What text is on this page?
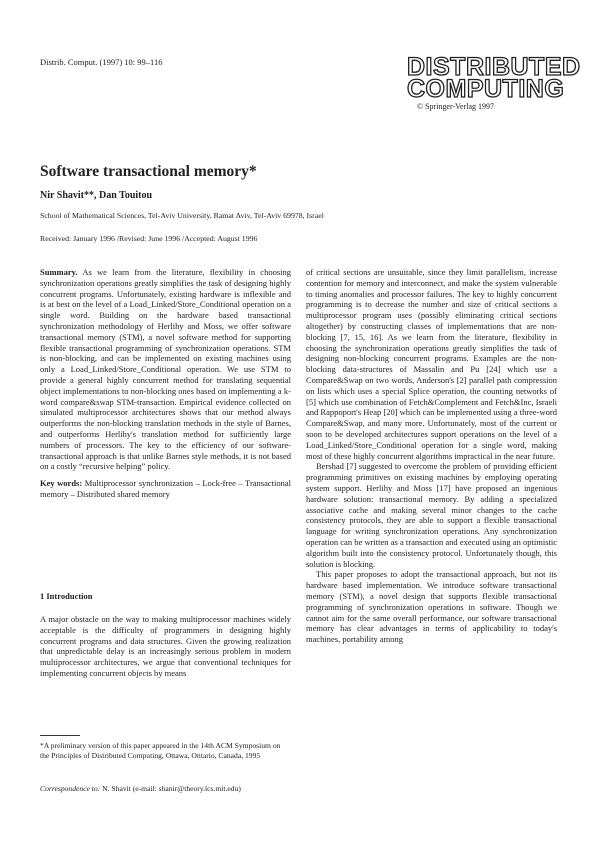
Distrib. Comput. (1997) 10: 99–116	DISTRIBUTED
COMPUTING
© Springer-Verlag 1997
Software transactional memory*
Nir Shavit**, Dan Touitou
School of Mathematical Sciences, Tel-Aviv University, Ramat Aviv, Tel-Aviv 69978, Israel
Received: January 1996 /Revised: June 1996 /Accepted: August 1996

Summary. As we learn from the literature, flexibility in choosing synchronization operations greatly simplifies the task of designing highly concurrent programs. Unfortunately, existing hardware is inflexible and is at best on the level of a Load_Linked/Store_Conditional operation on a single word. Building on the hardware based transactional synchronization methodology of Herlihy and Moss, we offer software transactional memory (STM), a novel software method for supporting flexible transactional programming of synchronization operations. STM is non-blocking, and can be implemented on existing machines using only a Load_Linked/Store_Conditional operation. We use STM to provide a general highly concurrent method for translating sequential object implementations to non-blocking ones based on implementing a k-word compare&swap STM-transaction. Empirical evidence collected on simulated multiprocessor architectures shows that our method always outperforms the non-blocking translation methods in the style of Barnes, and outperforms Herlihy's translation method for sufficiently large numbers of processors. The key to the efficiency of our software-transactional approach is that unlike Barnes style methods, it is not based on a costly “recursive helping” policy.

Key words: Multiprocessor synchronization – Lock-free – Transactional memory – Distributed shared memory

1 Introduction
A major obstacle on the way to making multiprocessor machines widely acceptable is the difficulty of programmers in designing highly concurrent programs and data structures. Given the growing realization that unpredictable delay is an increasingly serious problem in modern multiprocessor architectures, we argue that conventional techniques for implementing concurrent objects by means
*A preliminary version of this paper appeared in the 14th ACM Symposium on the Principles of Distributed Computing, Ottawa, Ontario, Canada, 1995
Correspondence to: N. Shavit (e-mail: shanir@theory.lcs.mit.edu)

of critical sections are unsuitable, since they limit parallelism, increase contention for memory and interconnect, and make the system vulnerable to timing anomalies and processor failures. The key to highly concurrent programming is to decrease the number and size of critical sections a multiprocessor program uses (possibly eliminating critical sections altogether) by constructing classes of implementations that are non-blocking [7, 15, 16]. As we learn from the literature, flexibility in choosing the synchronization operations greatly simplifies the task of designing non-blocking concurrent programs. Examples are the non-blocking data-structures of Massalin and Pu [24] which use a Compare&Swap on two words, Anderson's [2] parallel path compression on lists which uses a special Splice operation, the counting networks of [5] which use combination of Fetch&Complement and Fetch&Inc, Israeli and Rappoport's Heap [20] which can be implemented using a three-word Compare&Swap, and many more. Unfortunately, most of the current or soon to be developed architectures support operations on the level of a Load_Linked/Store_Conditional operation for a single word, making most of these highly concurrent algorithms impractical in the near future.

Bershad [7] suggested to overcome the problem of providing efficient programming primitives on existing machines by employing operating system support. Herlihy and Moss [17] have proposed an ingenious hardware solution: transactional memory. By adding a specialized associative cache and making several minor changes to the cache consistency protocols, they are able to support a flexible transactional language for writing synchronization operations. Any synchronization operation can be written as a transaction and executed using an optimistic algorithm built into the consistency protocol. Unfortunately though, this solution is blocking.

This paper proposes to adopt the transactional approach, but not its hardware based implementation. We introduce software transactional memory (STM), a novel design that supports flexible transactional programming of synchronization operations in software. Though we cannot aim for the same overall performance, our software transactional memory has clear advantages in terms of applicability to today's machines, portability among
